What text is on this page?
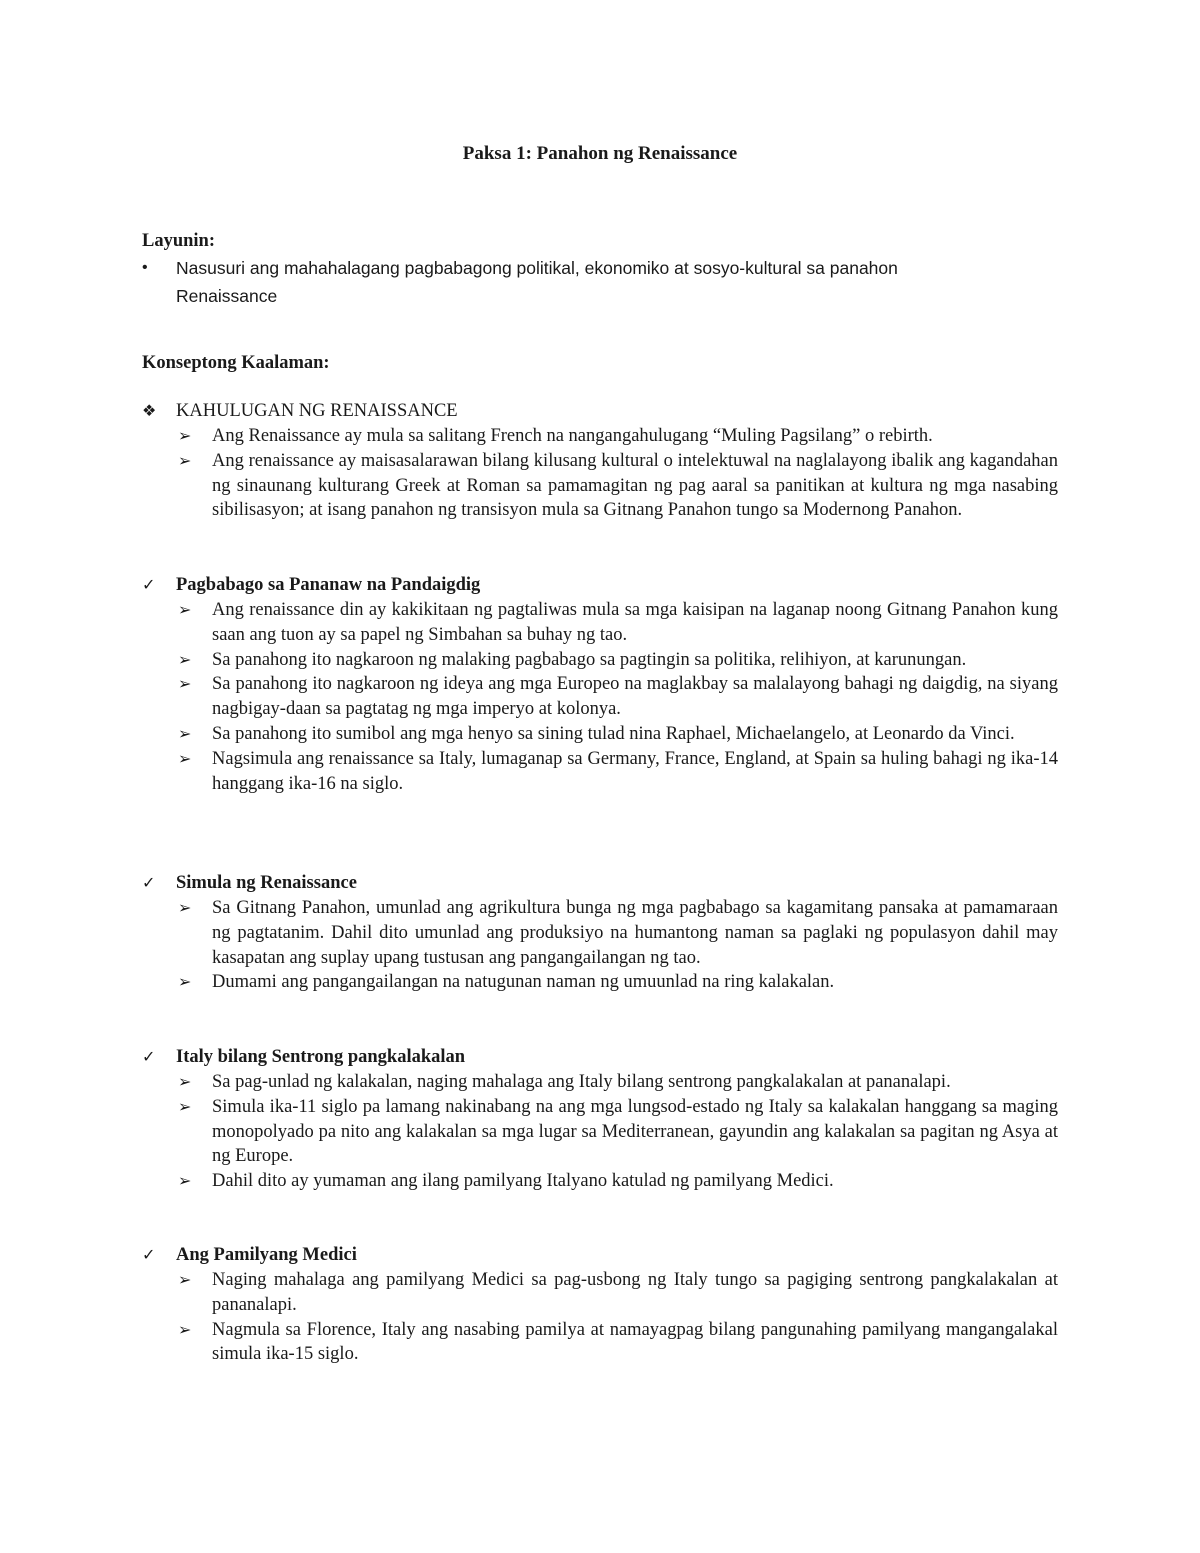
Paksa 1: Panahon ng Renaissance
Layunin:
• Nasusuri ang mahahalagang pagbabagong politikal, ekonomiko at sosyo-kultural sa panahon Renaissance
Konseptong Kaalaman:
❖ KAHULUGAN NG RENAISSANCE
➢ Ang Renaissance ay mula sa salitang French na nangangahulugang “Muling Pagsilang” o rebirth.
➢ Ang renaissance ay maisasalarawan bilang kilusang kultural o intelektuwal na naglalayong ibalik ang kagandahan ng sinaunang kulturang Greek at Roman sa pamamagitan ng pag aaral sa panitikan at kultura ng mga nasabing sibilisasyon; at isang panahon ng transisyon mula sa Gitnang Panahon tungo sa Modernong Panahon.
✓ Pagbabago sa Pananaw na Pandaigdig
➢ Ang renaissance din ay kakikitaan ng pagtaliwas mula sa mga kaisipan na laganap noong Gitnang Panahon kung saan ang tuon ay sa papel ng Simbahan sa buhay ng tao.
➢ Sa panahong ito nagkaroon ng malaking pagbabago sa pagtingin sa politika, relihiyon, at karunungan.
➢ Sa panahong ito nagkaroon ng ideya ang mga Europeo na maglakbay sa malalayong bahagi ng daigdig, na siyang nagbigay-daan sa pagtatag ng mga imperyo at kolonya.
➢ Sa panahong ito sumibol ang mga henyo sa sining tulad nina Raphael, Michaelangelo, at Leonardo da Vinci.
➢ Nagsimula ang renaissance sa Italy, lumaganap sa Germany, France, England, at Spain sa huling bahagi ng ika-14 hanggang ika-16 na siglo.
✓ Simula ng Renaissance
➢ Sa Gitnang Panahon, umunlad ang agrikultura bunga ng mga pagbabago sa kagamitang pansaka at pamamaraan ng pagtatanim. Dahil dito umunlad ang produksiyo na humantong naman sa paglaki ng populasyon dahil may kasapatan ang suplay upang tustusan ang pangangailangan ng tao.
➢ Dumami ang pangangailangan na natugunan naman ng umuunlad na ring kalakalan.
✓ Italy bilang Sentrong pangkalakalan
➢ Sa pag-unlad ng kalakalan, naging mahalaga ang Italy bilang sentrong pangkalakalan at pananalapi.
➢ Simula ika-11 siglo pa lamang nakinabang na ang mga lungsod-estado ng Italy sa kalakalan hanggang sa maging monopolyado pa nito ang kalakalan sa mga lugar sa Mediterranean, gayundin ang kalakalan sa pagitan ng Asya at ng Europe.
➢ Dahil dito ay yumaman ang ilang pamilyang Italyano katulad ng pamilyang Medici.
✓ Ang Pamilyang Medici
➢ Naging mahalaga ang pamilyang Medici sa pag-usbong ng Italy tungo sa pagiging sentrong pangkalakalan at pananalapi.
➢ Nagmula sa Florence, Italy ang nasabing pamilya at namayagpag bilang pangunahing pamilyang mangangalakal simula ika-15 siglo.
